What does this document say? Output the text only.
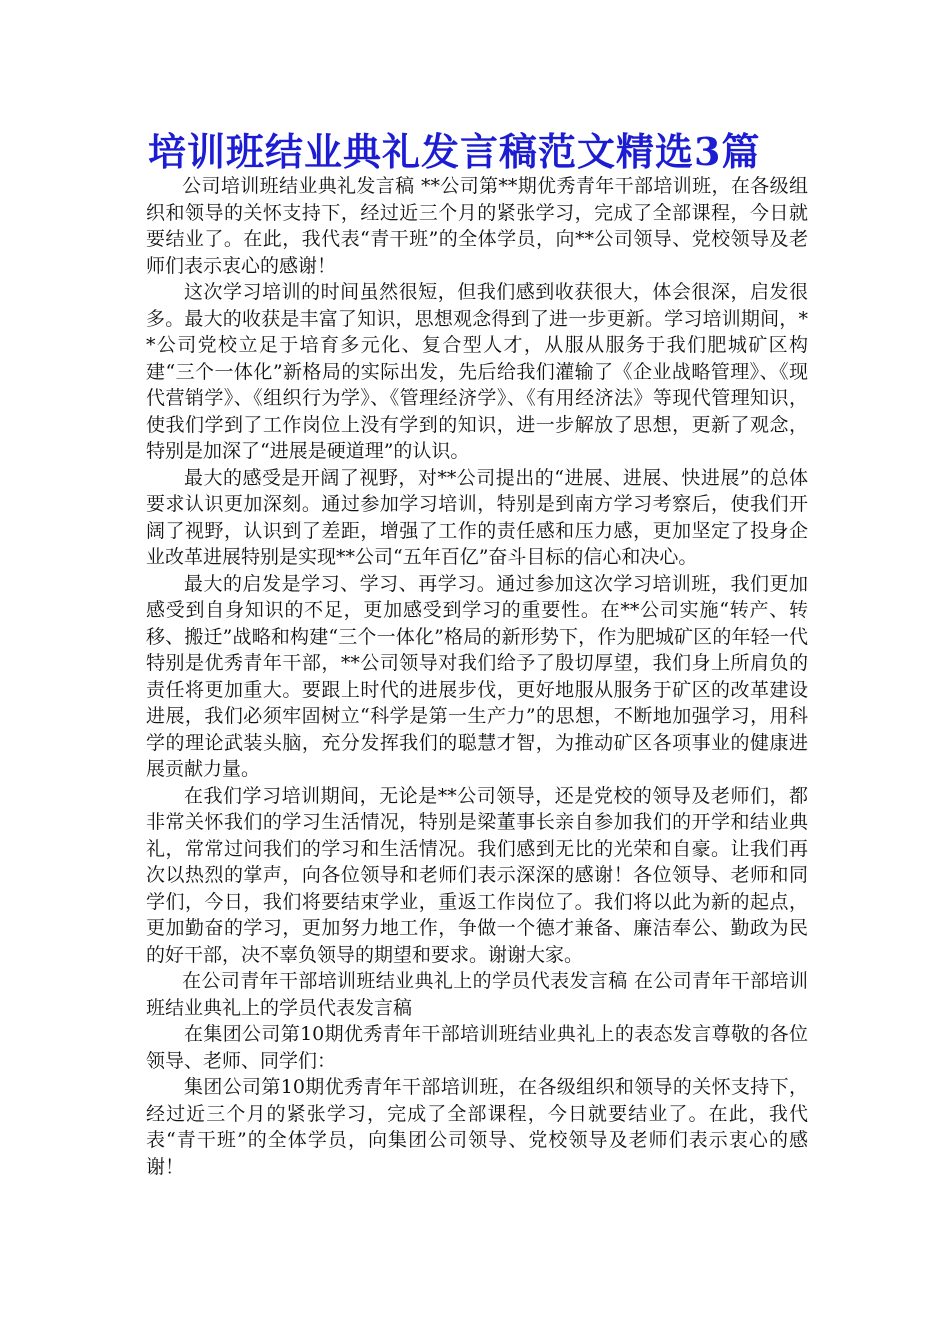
培训班结业典礼发言稿范文精选3篇

公司培训班结业典礼发言稿 **公司第**期优秀青年干部培训班，在各级组织和领导的关怀支持下，经过近三个月的紧张学习，完成了全部课程，今日就要结业了。在此，我代表“青干班”的全体学员，向**公司领导、党校领导及老师们表示衷心的感谢！

这次学习培训的时间虽然很短，但我们感到收获很大，体会很深，启发很多。最大的收获是丰富了知识，思想观念得到了进一步更新。学习培训期间，**公司党校立足于培育多元化、复合型人才，从服从服务于我们肥城矿区构建“三个一体化”新格局的实际出发，先后给我们灌输了《企业战略管理》、《现代营销学》、《组织行为学》、《管理经济学》、《有用经济法》等现代管理知识，使我们学到了工作岗位上没有学到的知识，进一步解放了思想，更新了观念，特别是加深了“进展是硬道理”的认识。

最大的感受是开阔了视野，对**公司提出的“进展、进展、快进展”的总体要求认识更加深刻。通过参加学习培训，特别是到南方学习考察后，使我们开阔了视野，认识到了差距，增强了工作的责任感和压力感，更加坚定了投身企业改革进展特别是实现**公司“五年百亿”奋斗目标的信心和决心。

最大的启发是学习、学习、再学习。通过参加这次学习培训班，我们更加感受到自身知识的不足，更加感受到学习的重要性。在**公司实施“转产、转移、搬迁”战略和构建“三个一体化”格局的新形势下，作为肥城矿区的年轻一代特别是优秀青年干部，**公司领导对我们给予了殷切厚望，我们身上所肩负的责任将更加重大。要跟上时代的进展步伐，更好地服从服务于矿区的改革建设进展，我们必须牢固树立“科学是第一生产力”的思想，不断地加强学习，用科学的理论武装头脑，充分发挥我们的聪慧才智，为推动矿区各项事业的健康进展贡献力量。

在我们学习培训期间，无论是**公司领导，还是党校的领导及老师们，都非常关怀我们的学习生活情况，特别是梁董事长亲自参加我们的开学和结业典礼，常常过问我们的学习和生活情况。我们感到无比的光荣和自豪。让我们再次以热烈的掌声，向各位领导和老师们表示深深的感谢！各位领导、老师和同学们，今日，我们将要结束学业，重返工作岗位了。我们将以此为新的起点，更加勤奋的学习，更加努力地工作，争做一个德才兼备、廉洁奉公、勤政为民的好干部，决不辜负领导的期望和要求。谢谢大家。

在公司青年干部培训班结业典礼上的学员代表发言稿 在公司青年干部培训班结业典礼上的学员代表发言稿

在集团公司第10期优秀青年干部培训班结业典礼上的表态发言尊敬的各位领导、老师、同学们：

集团公司第10期优秀青年干部培训班，在各级组织和领导的关怀支持下，经过近三个月的紧张学习，完成了全部课程，今日就要结业了。在此，我代表“青干班”的全体学员，向集团公司领导、党校领导及老师们表示衷心的感谢！
